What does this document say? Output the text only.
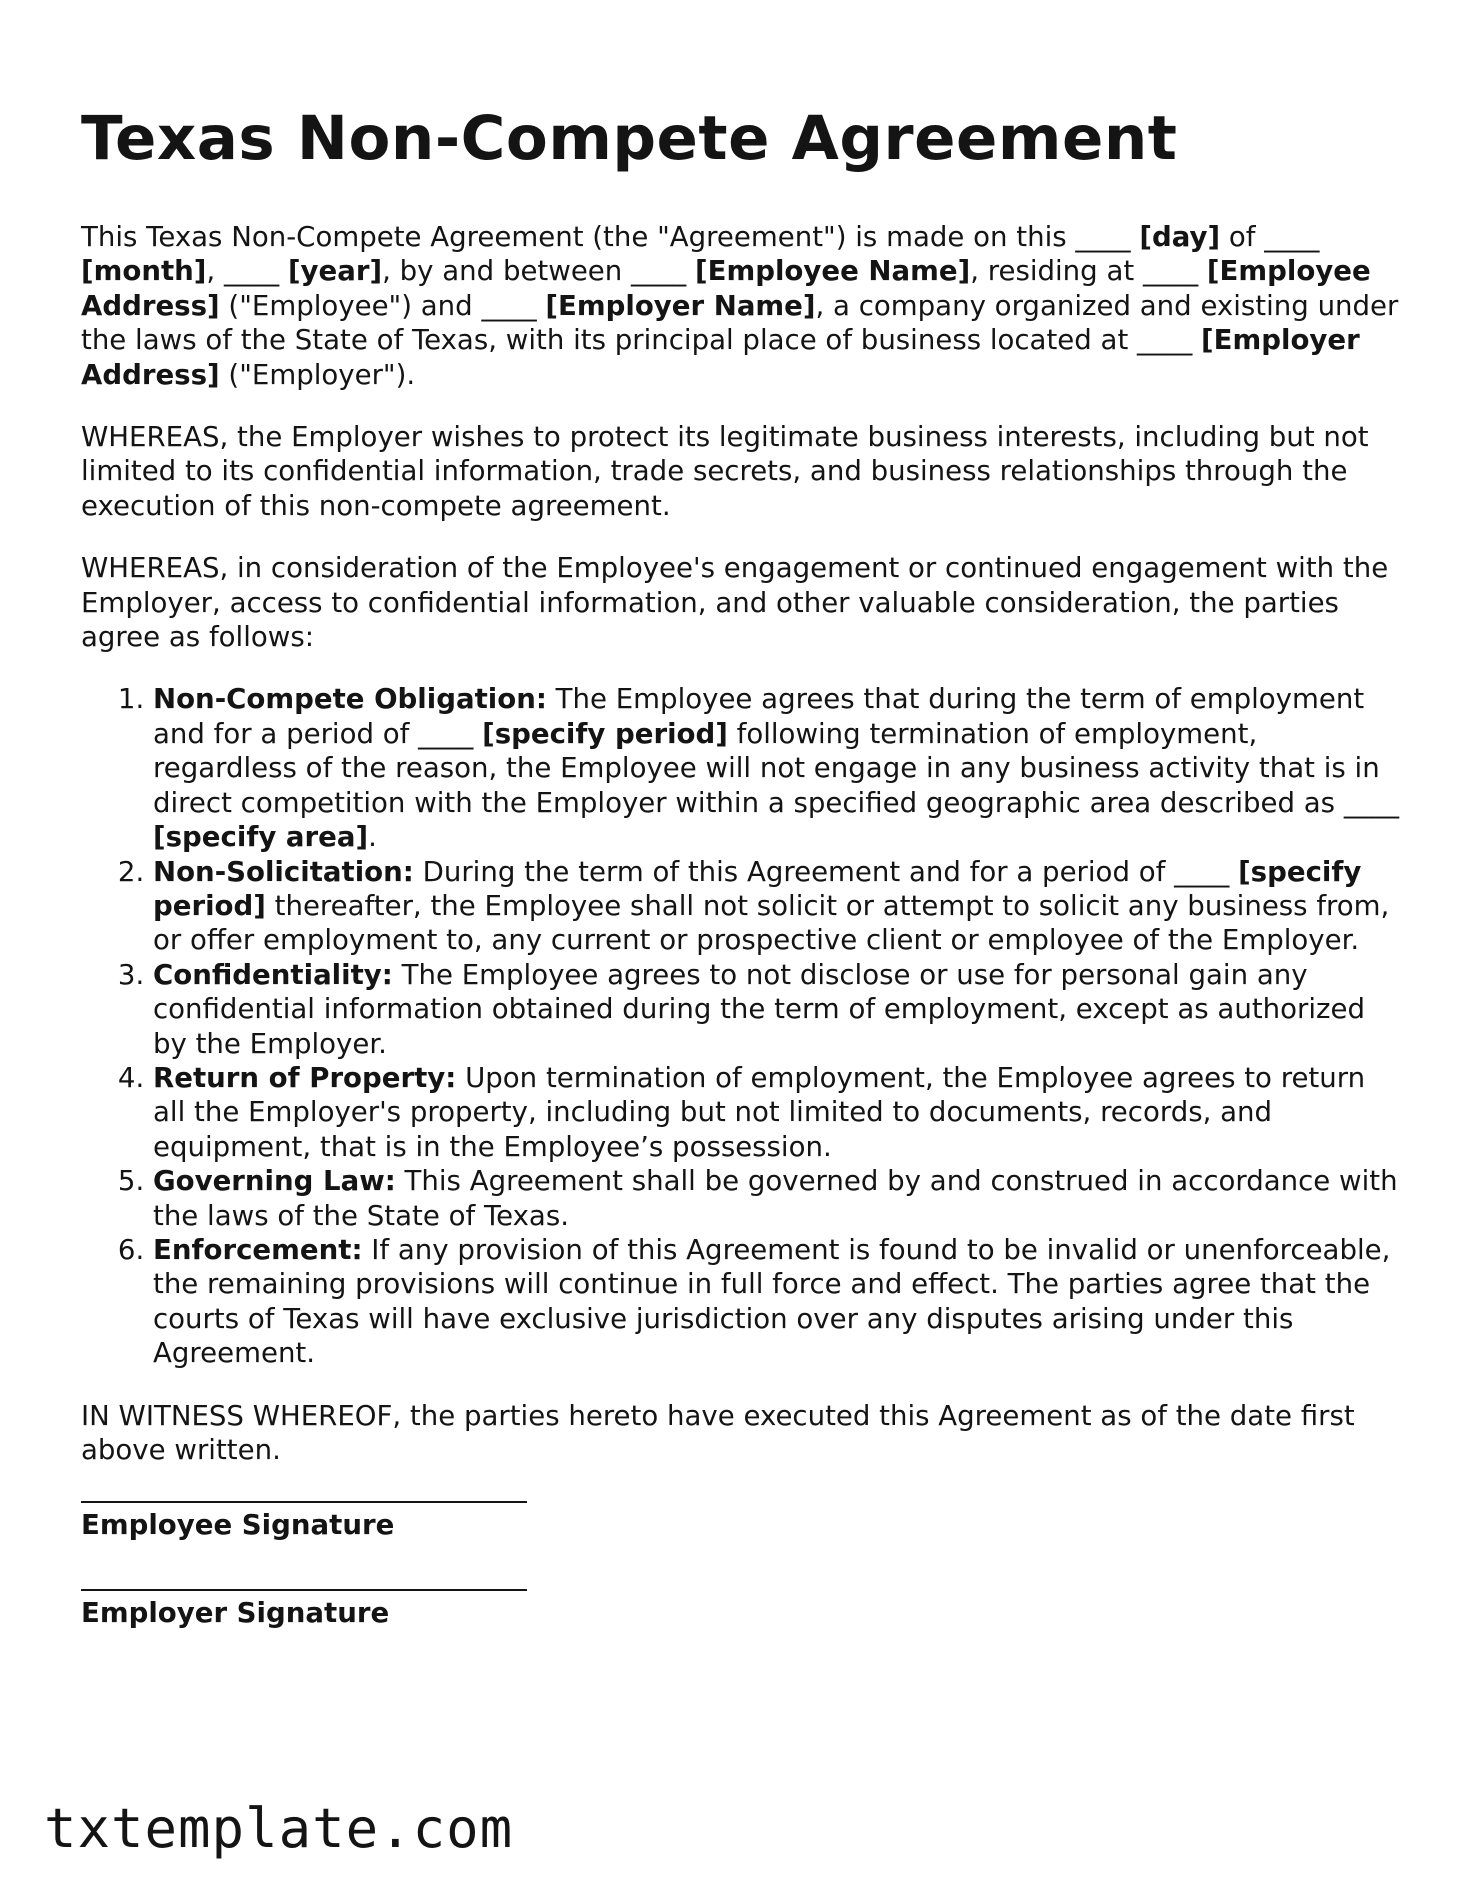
Texas Non-Compete Agreement

This Texas Non-Compete Agreement (the "Agreement") is made on this ____ [day] of ____ [month], ____ [year], by and between ____ [Employee Name], residing at ____ [Employee Address] ("Employee") and ____ [Employer Name], a company organized and existing under the laws of the State of Texas, with its principal place of business located at ____ [Employer Address] ("Employer").

WHEREAS, the Employer wishes to protect its legitimate business interests, including but not limited to its confidential information, trade secrets, and business relationships through the execution of this non-compete agreement.

WHEREAS, in consideration of the Employee's engagement or continued engagement with the Employer, access to confidential information, and other valuable consideration, the parties agree as follows:

1. Non-Compete Obligation: The Employee agrees that during the term of employment and for a period of ____ [specify period] following termination of employment, regardless of the reason, the Employee will not engage in any business activity that is in direct competition with the Employer within a specified geographic area described as ____ [specify area].
2. Non-Solicitation: During the term of this Agreement and for a period of ____ [specify period] thereafter, the Employee shall not solicit or attempt to solicit any business from, or offer employment to, any current or prospective client or employee of the Employer.
3. Confidentiality: The Employee agrees to not disclose or use for personal gain any confidential information obtained during the term of employment, except as authorized by the Employer.
4. Return of Property: Upon termination of employment, the Employee agrees to return all the Employer's property, including but not limited to documents, records, and equipment, that is in the Employee’s possession.
5. Governing Law: This Agreement shall be governed by and construed in accordance with the laws of the State of Texas.
6. Enforcement: If any provision of this Agreement is found to be invalid or unenforceable, the remaining provisions will continue in full force and effect. The parties agree that the courts of Texas will have exclusive jurisdiction over any disputes arising under this Agreement.

IN WITNESS WHEREOF, the parties hereto have executed this Agreement as of the date first above written.

Employee Signature
Employer Signature
txtemplate.com
